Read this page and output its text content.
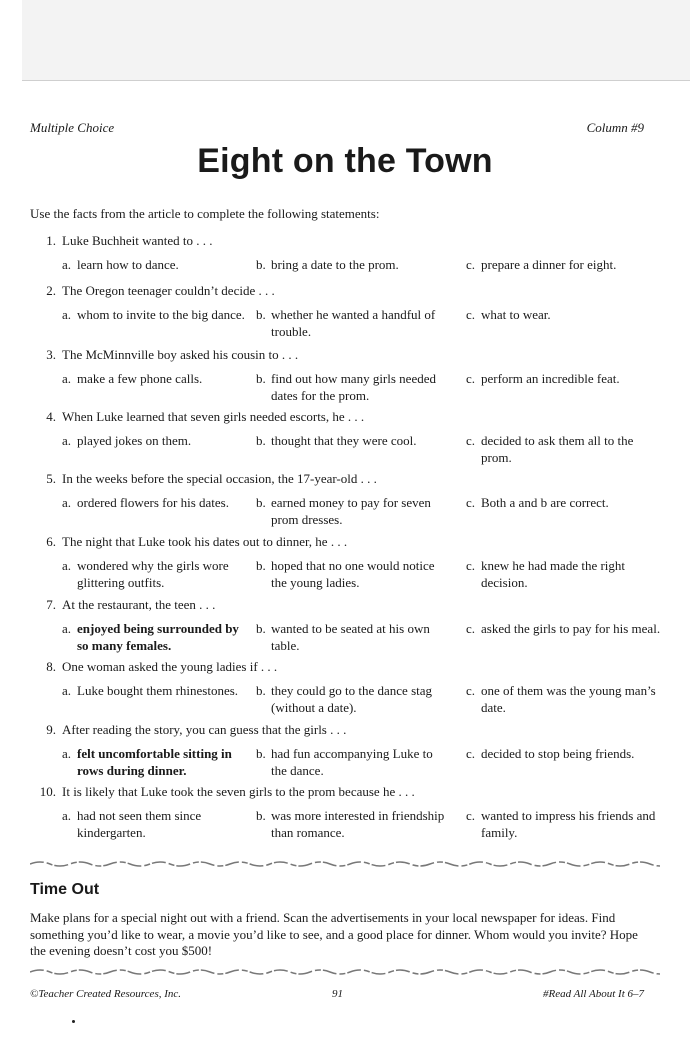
Multiple Choice	Column #9
Eight on the Town
Use the facts from the article to complete the following statements:
1. Luke Buchheit wanted to . . .
a. learn how to dance.	b. bring a date to the prom.	c. prepare a dinner for eight.
2. The Oregon teenager couldn’t decide . . .
a. whom to invite to the big dance. b. whether he wanted a handful of trouble.
c. what to wear.
3. The McMinnville boy asked his cousin to . . .
a. make a few phone calls.	b. find out how many girls needed dates for the prom.
c. perform an incredible feat.
4. When Luke learned that seven girls needed escorts, he . . .
a. played jokes on them.	b. thought that they were cool.	c. decided to ask them all to the prom.
5. In the weeks before the special occasion, the 17-year-old . . .
a. ordered flowers for his dates.	b. earned money to pay for seven prom dresses.
c. Both a and b are correct.
6. The night that Luke took his dates out to dinner, he . . .
a. wondered why the girls wore glittering outfits.
b. hoped that no one would notice the young ladies.
c. knew he had made the right decision.
7. At the restaurant, the teen . . .
a. enjoyed being surrounded by so many females.
b. wanted to be seated at his own table.
c. asked the girls to pay for his meal.
8. One woman asked the young ladies if . . .
a. Luke bought them rhinestones.	b. they could go to the dance stag (without a date).
c. one of them was the young man’s date.
9. After reading the story, you can guess that the girls . . .
a. felt uncomfortable sitting in rows during dinner.
b. had fun accompanying Luke to the dance.
c. decided to stop being friends.
10. It is likely that Luke took the seven girls to the prom because he . . .
a. had not seen them since kindergarten.
b. was more interested in friendship than romance.
c. wanted to impress his friends and family.
Time Out
Make plans for a special night out with a friend. Scan the advertisements in your local newspaper for ideas. Find something you’d like to wear, a movie you’d like to see, and a good place for dinner. Whom would you invite? Hope the evening doesn’t cost you $500!
©Teacher Created Resources, Inc.	91	#Read All About It 6–7
